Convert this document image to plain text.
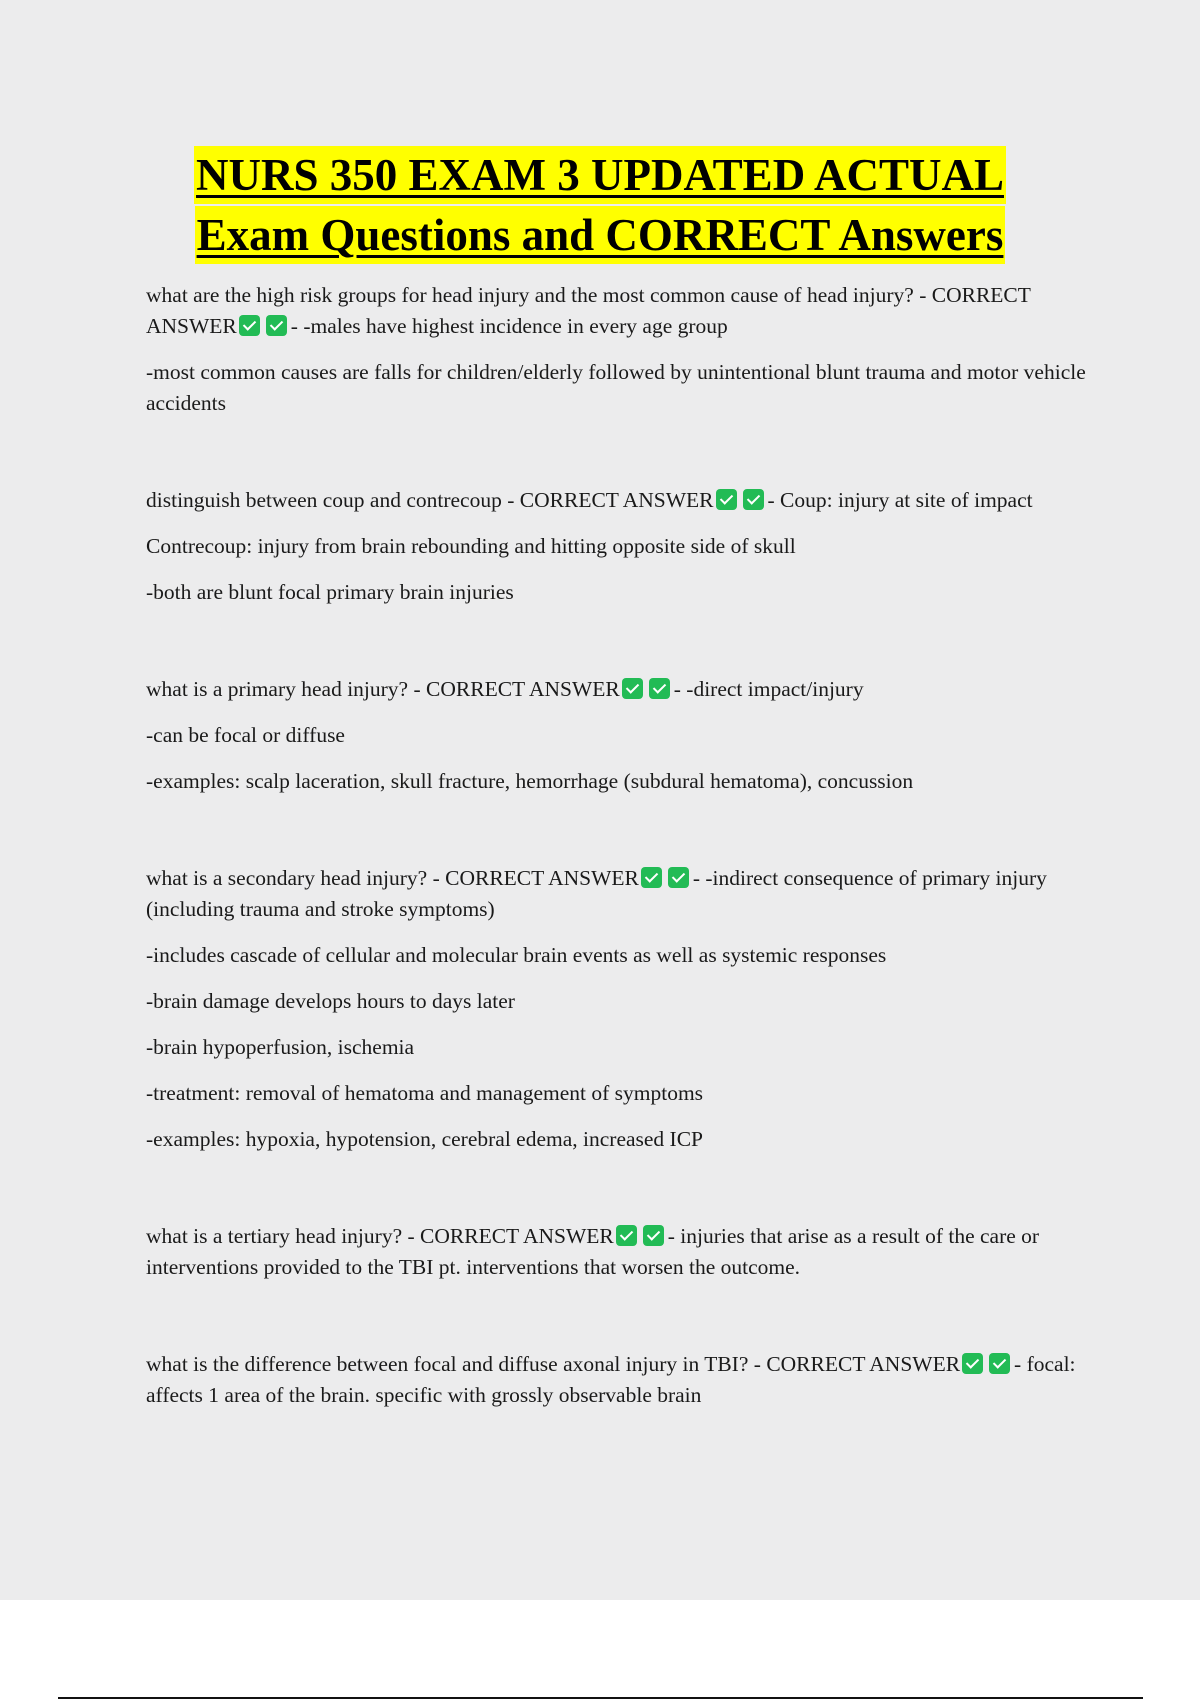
NURS 350 EXAM 3 UPDATED ACTUAL
Exam Questions and CORRECT Answers

what are the high risk groups for head injury and the most common cause of head injury? - CORRECT ANSWER	- -males have highest incidence in every age group

-most common causes are falls for children/elderly followed by unintentional blunt trauma and motor vehicle accidents

distinguish between coup and contrecoup - CORRECT ANSWER	- Coup: injury at site of impact

Contrecoup: injury from brain rebounding and hitting opposite side of skull

-both are blunt focal primary brain injuries

what is a primary head injury? - CORRECT ANSWER	- -direct impact/injury

-can be focal or diffuse

-examples: scalp laceration, skull fracture, hemorrhage (subdural hematoma), concussion

what is a secondary head injury? - CORRECT ANSWER	- -indirect consequence of primary injury (including trauma and stroke symptoms)

-includes cascade of cellular and molecular brain events as well as systemic responses

-brain damage develops hours to days later

-brain hypoperfusion, ischemia

-treatment: removal of hematoma and management of symptoms

-examples: hypoxia, hypotension, cerebral edema, increased ICP

what is a tertiary head injury? - CORRECT ANSWER	- injuries that arise as a result of the care or interventions provided to the TBI pt. interventions that worsen the outcome.

what is the difference between focal and diffuse axonal injury in TBI? - CORRECT ANSWER	- focal: affects 1 area of the brain. specific with grossly observable brain
